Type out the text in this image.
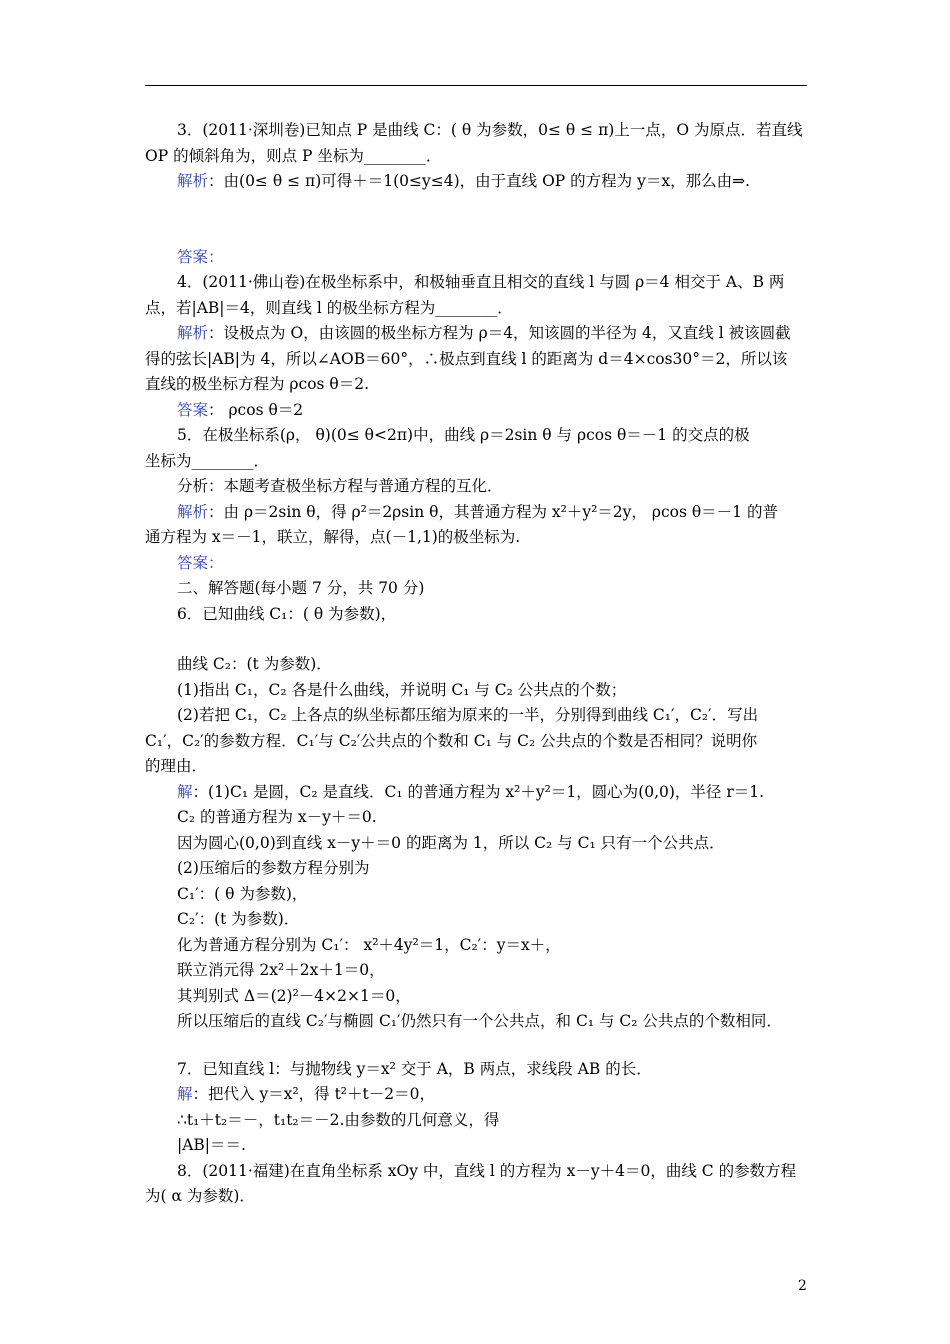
3．(2011·深圳卷)已知点 P 是曲线 C：( θ 为参数，0≤ θ ≤ π)上一点，O 为原点．若直线
OP 的倾斜角为，则点 P 坐标为________．
解析：由(0≤ θ ≤ π)可得＋＝1(0≤y≤4)，由于直线 OP 的方程为 y＝x，那么由⇒.
答案：
4．(2011·佛山卷)在极坐标系中，和极轴垂直且相交的直线 l 与圆 ρ＝4 相交于 A、B 两
点，若|AB|＝4，则直线 l 的极坐标方程为________．
解析：设极点为 O，由该圆的极坐标方程为 ρ＝4，知该圆的半径为 4，又直线 l 被该圆截
得的弦长|AB|为 4，所以∠AOB＝60°，∴极点到直线 l 的距离为 d＝4×cos30°＝2，所以该
直线的极坐标方程为 ρcos θ＝2.
答案： ρcos θ＝2
5．在极坐标系(ρ， θ)(0≤ θ<2π)中，曲线 ρ＝2sin θ 与 ρcos θ＝－1 的交点的极
坐标为________．
分析：本题考查极坐标方程与普通方程的互化．
解析：由 ρ＝2sin θ，得 ρ²＝2ρsin θ，其普通方程为 x²＋y²＝2y， ρcos θ＝－1 的普
通方程为 x＝－1，联立，解得，点(－1,1)的极坐标为.
答案：
二、解答题(每小题 7 分，共 70 分)
6．已知曲线 C₁：( θ 为参数)，
曲线 C₂：(t 为参数)．
(1)指出 C₁，C₂ 各是什么曲线，并说明 C₁ 与 C₂ 公共点的个数；
(2)若把 C₁，C₂ 上各点的纵坐标都压缩为原来的一半，分别得到曲线 C₁′，C₂′．写出
C₁′，C₂′的参数方程．C₁′与 C₂′公共点的个数和 C₁ 与 C₂ 公共点的个数是否相同？说明你
的理由．
解：(1)C₁ 是圆，C₂ 是直线．C₁ 的普通方程为 x²＋y²＝1，圆心为(0,0)，半径 r＝1.
C₂ 的普通方程为 x－y＋＝0.
因为圆心(0,0)到直线 x－y＋＝0 的距离为 1，所以 C₂ 与 C₁ 只有一个公共点．
(2)压缩后的参数方程分别为
C₁′：( θ 为参数)，
C₂′：(t 为参数)．
化为普通方程分别为 C₁′： x²＋4y²＝1，C₂′：y＝x＋，
联立消元得 2x²＋2x＋1＝0，
其判别式 Δ＝(2)²－4×2×1＝0，
所以压缩后的直线 C₂′与椭圆 C₁′仍然只有一个公共点，和 C₁ 与 C₂ 公共点的个数相同．
7．已知直线 l：与抛物线 y＝x² 交于 A，B 两点，求线段 AB 的长．
解：把代入 y＝x²，得 t²＋t－2＝0，
∴t₁＋t₂＝－，t₁t₂＝－2.由参数的几何意义，得
|AB|＝＝.
8．(2011·福建)在直角坐标系 xOy 中，直线 l 的方程为 x－y＋4＝0，曲线 C 的参数方程
为( α 为参数)．
2
